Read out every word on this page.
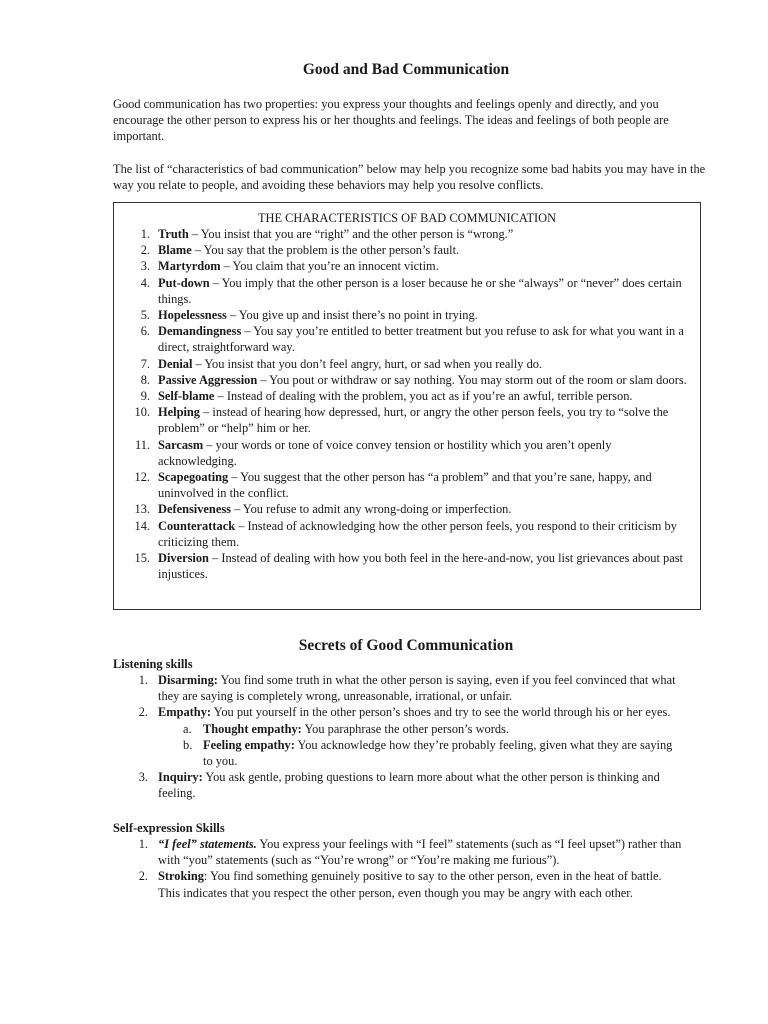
Good and Bad Communication

Good communication has two properties: you express your thoughts and feelings openly and directly, and you encourage the other person to express his or her thoughts and feelings. The ideas and feelings of both people are important.

The list of “characteristics of bad communication” below may help you recognize some bad habits you may have in the way you relate to people, and avoiding these behaviors may help you resolve conflicts.

THE CHARACTERISTICS OF BAD COMMUNICATION
1. Truth – You insist that you are “right” and the other person is “wrong.”
2. Blame – You say that the problem is the other person’s fault.
3. Martyrdom – You claim that you’re an innocent victim.
4. Put-down – You imply that the other person is a loser because he or she “always” or “never” does certain things.
5. Hopelessness – You give up and insist there’s no point in trying.
6. Demandingness – You say you’re entitled to better treatment but you refuse to ask for what you want in a direct, straightforward way.
7. Denial – You insist that you don’t feel angry, hurt, or sad when you really do.
8. Passive Aggression – You pout or withdraw or say nothing. You may storm out of the room or slam doors.
9. Self-blame – Instead of dealing with the problem, you act as if you’re an awful, terrible person.
10. Helping – instead of hearing how depressed, hurt, or angry the other person feels, you try to “solve the problem” or “help” him or her.
11. Sarcasm – your words or tone of voice convey tension or hostility which you aren’t openly acknowledging.
12. Scapegoating – You suggest that the other person has “a problem” and that you’re sane, happy, and uninvolved in the conflict.
13. Defensiveness – You refuse to admit any wrong-doing or imperfection.
14. Counterattack – Instead of acknowledging how the other person feels, you respond to their criticism by criticizing them.
15. Diversion – Instead of dealing with how you both feel in the here-and-now, you list grievances about past injustices.
Secrets of Good Communication
Listening skills
1. Disarming: You find some truth in what the other person is saying, even if you feel convinced that what they are saying is completely wrong, unreasonable, irrational, or unfair.
2. Empathy: You put yourself in the other person’s shoes and try to see the world through his or her eyes.
a. Thought empathy: You paraphrase the other person’s words.
b. Feeling empathy: You acknowledge how they’re probably feeling, given what they are saying to you.
3. Inquiry: You ask gentle, probing questions to learn more about what the other person is thinking and feeling.
Self-expression Skills
1. “I feel” statements. You express your feelings with “I feel” statements (such as “I feel upset”) rather than with “you” statements (such as “You’re wrong” or “You’re making me furious”).
2. Stroking: You find something genuinely positive to say to the other person, even in the heat of battle. This indicates that you respect the other person, even though you may be angry with each other.
